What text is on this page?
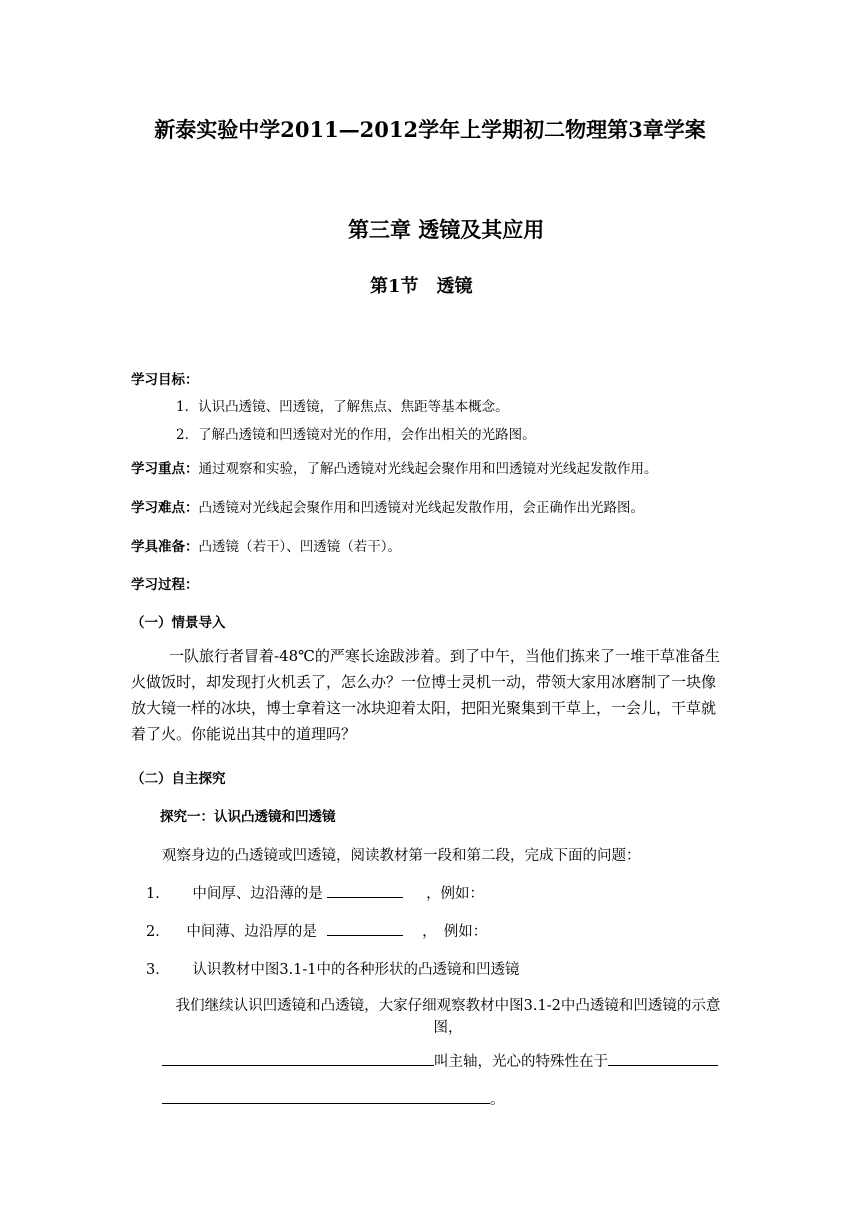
新泰实验中学2011—2012学年上学期初二物理第3章学案
第三章 透镜及其应用
第1节　透镜
学习目标：
1．认识凸透镜、凹透镜，了解焦点、焦距等基本概念。
2．了解凸透镜和凹透镜对光的作用，会作出相关的光路图。
学习重点：通过观察和实验，了解凸透镜对光线起会聚作用和凹透镜对光线起发散作用。
学习难点：凸透镜对光线起会聚作用和凹透镜对光线起发散作用，会正确作出光路图。
学具准备：凸透镜（若干）、凹透镜（若干）。
学习过程：
（一）情景导入
一队旅行者冒着-48℃的严寒长途跋涉着。到了中午，当他们拣来了一堆干草准备生火做饭时，却发现打火机丢了，怎么办？一位博士灵机一动，带领大家用冰磨制了一块像放大镜一样的冰块，博士拿着这一冰块迎着太阳，把阳光聚集到干草上，一会儿，干草就着了火。你能说出其中的道理吗？
（二）自主探究
探究一：认识凸透镜和凹透镜
观察身边的凸透镜或凹透镜，阅读教材第一段和第二段，完成下面的问题：
1． 中间厚、边沿薄的是	，例如：
2． 中间薄、边沿厚的是	，　例如：
3． 认识教材中图3.1-1中的各种形状的凸透镜和凹透镜
我们继续认识凹透镜和凸透镜，大家仔细观察教材中图3.1-2中凸透镜和凹透镜的示意图，
叫主轴，光心的特殊性在于
。
